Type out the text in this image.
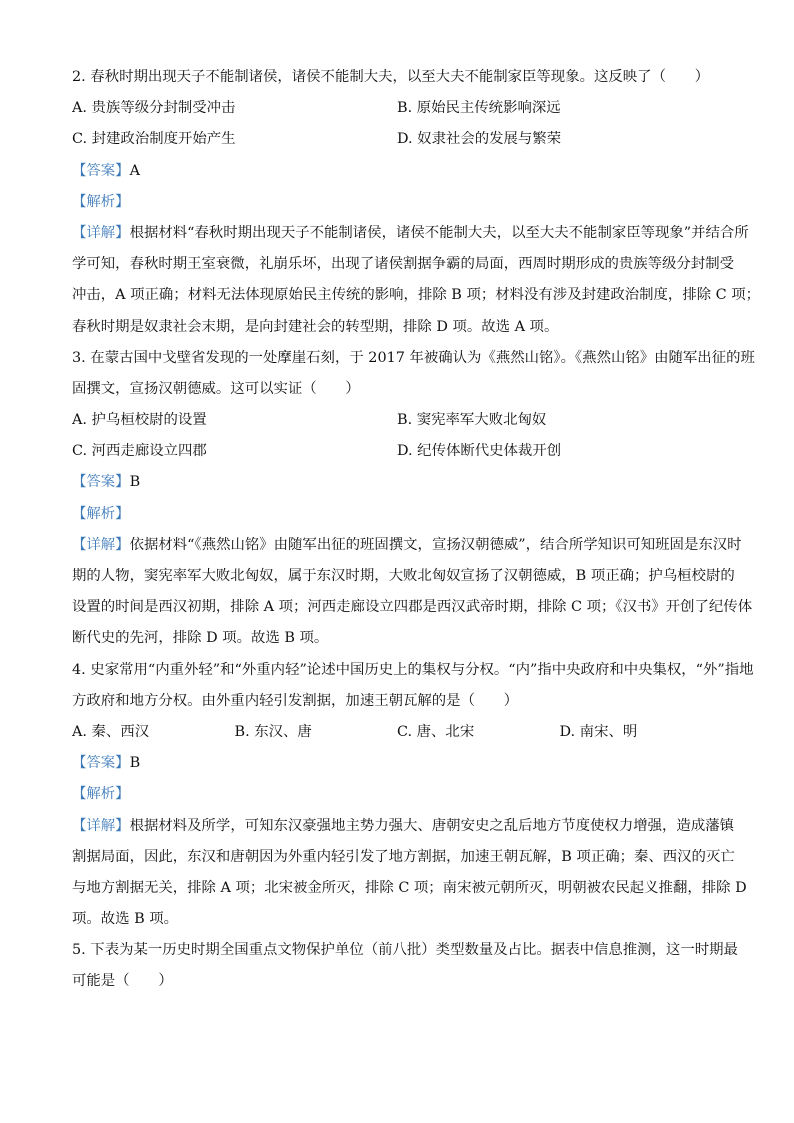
2. 春秋时期出现天子不能制诸侯，诸侯不能制大夫，以至大夫不能制家臣等现象。这反映了（　　）
A. 贵族等级分封制受冲击	B. 原始民主传统影响深远
C. 封建政治制度开始产生	D. 奴隶社会的发展与繁荣
【答案】A
【解析】
【详解】根据材料“春秋时期出现天子不能制诸侯，诸侯不能制大夫，以至大夫不能制家臣等现象”并结合所
学可知，春秋时期王室衰微，礼崩乐坏，出现了诸侯割据争霸的局面，西周时期形成的贵族等级分封制受
冲击，A 项正确；材料无法体现原始民主传统的影响，排除 B 项；材料没有涉及封建政治制度，排除 C 项；
春秋时期是奴隶社会末期，是向封建社会的转型期，排除 D 项。故选 A 项。
3. 在蒙古国中戈壁省发现的一处摩崖石刻，于 2017 年被确认为《燕然山铭》。《燕然山铭》由随军出征的班
固撰文，宣扬汉朝德威。这可以实证（　　）
A. 护乌桓校尉的设置	B. 窦宪率军大败北匈奴
C. 河西走廊设立四郡	D. 纪传体断代史体裁开创
【答案】B
【解析】
【详解】依据材料“《燕然山铭》由随军出征的班固撰文，宣扬汉朝德威”，结合所学知识可知班固是东汉时
期的人物，窦宪率军大败北匈奴，属于东汉时期，大败北匈奴宣扬了汉朝德威，B 项正确；护乌桓校尉的
设置的时间是西汉初期，排除 A 项；河西走廊设立四郡是西汉武帝时期，排除 C 项；《汉书》开创了纪传体
断代史的先河，排除 D 项。故选 B 项。
4. 史家常用“内重外轻”和“外重内轻”论述中国历史上的集权与分权。“内”指中央政府和中央集权，“外”指地
方政府和地方分权。由外重内轻引发割据，加速王朝瓦解的是（　　）
A. 秦、西汉	B. 东汉、唐	C. 唐、北宋	D. 南宋、明
【答案】B
【解析】
【详解】根据材料及所学，可知东汉豪强地主势力强大、唐朝安史之乱后地方节度使权力增强，造成藩镇
割据局面，因此，东汉和唐朝因为外重内轻引发了地方割据，加速王朝瓦解，B 项正确；秦、西汉的灭亡
与地方割据无关，排除 A 项；北宋被金所灭，排除 C 项；南宋被元朝所灭，明朝被农民起义推翻，排除 D
项。故选 B 项。
5. 下表为某一历史时期全国重点文物保护单位（前八批）类型数量及占比。据表中信息推测，这一时期最
可能是（　　）
